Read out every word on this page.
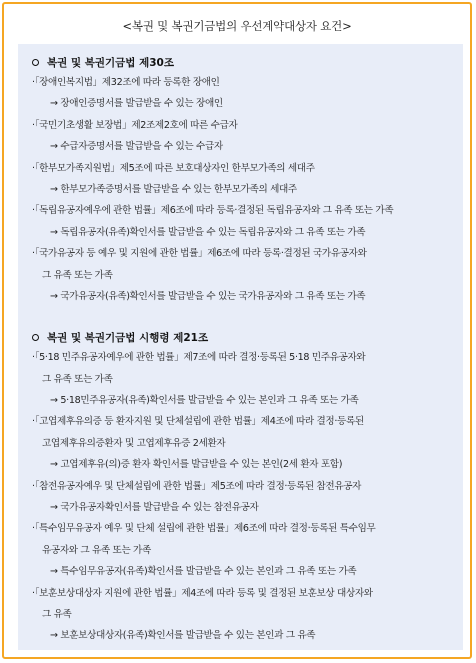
<복권 및 복권기금법의 우선계약대상자 요건>
복권 및 복권기금법 제30조
·「장애인복지법」제32조에 따라 등록한 장애인
→ 장애인증명서를 발급받을 수 있는 장애인
·「국민기초생활 보장법」제2조제2호에 따른 수급자
→ 수급자증명서를 발급받을 수 있는 수급자
·「한부모가족지원법」제5조에 따른 보호대상자인 한부모가족의 세대주
→ 한부모가족증명서를 발급받을 수 있는 한부모가족의 세대주
·「독립유공자예우에 관한 법률」제6조에 따라 등록·결정된 독립유공자와 그 유족 또는 가족
→ 독립유공자(유족)확인서를 발급받을 수 있는 독립유공자와 그 유족 또는 가족
·「국가유공자 등 예우 및 지원에 관한 법률」제6조에 따라 등록·결정된 국가유공자와
그 유족 또는 가족
→ 국가유공자(유족)확인서를 발급받을 수 있는 국가유공자와 그 유족 또는 가족
복권 및 복권기금법 시행령 제21조
·「5·18 민주유공자예우에 관한 법률」제7조에 따라 결정·등록된 5·18 민주유공자와
그 유족 또는 가족
→ 5·18민주유공자(유족)확인서를 발급받을 수 있는 본인과 그 유족 또는 가족
·「고엽제후유의증 등 환자지원 및 단체설립에 관한 법률」제4조에 따라 결정·등록된
고엽제후유의증환자 및 고엽제후유증 2세환자
→ 고엽제후유(의)증 환자 확인서를 발급받을 수 있는 본인(2세 환자 포함)
·「참전유공자예우 및 단체설립에 관한 법률」제5조에 따라 결정·등록된 참전유공자
→ 국가유공자확인서를 발급받을 수 있는 참전유공자
·「특수임무유공자 예우 및 단체 설립에 관한 법률」제6조에 따라 결정·등록된 특수임무
유공자와 그 유족 또는 가족
→ 특수임무유공자(유족)확인서를 발급받을 수 있는 본인과 그 유족 또는 가족
·「보훈보상대상자 지원에 관한 법률」제4조에 따라 등록 및 결정된 보훈보상 대상자와
그 유족
→ 보훈보상대상자(유족)확인서를 발급받을 수 있는 본인과 그 유족
